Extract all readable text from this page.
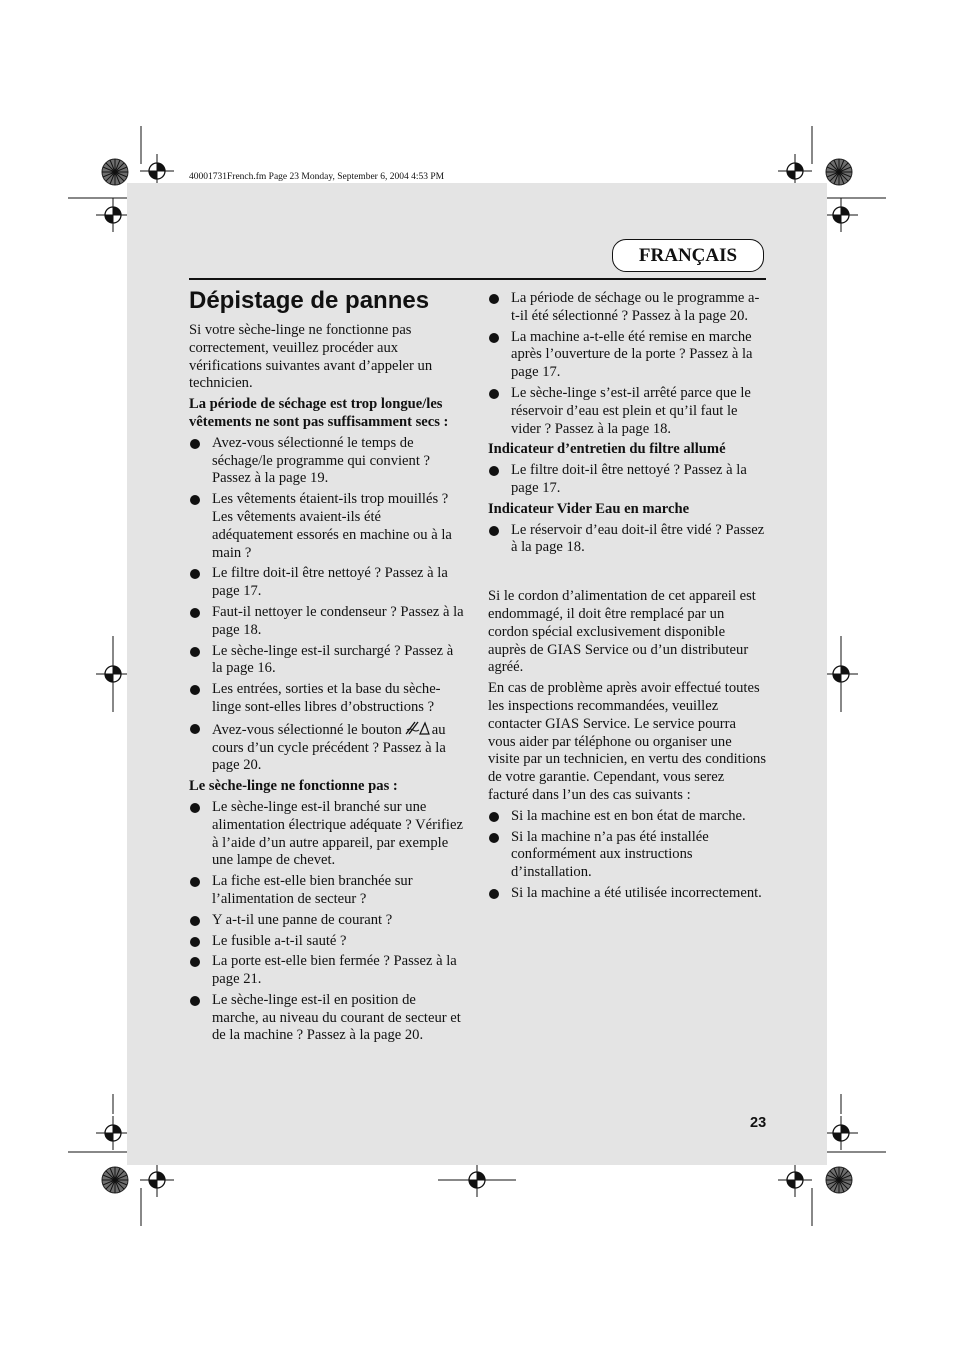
40001731French.fm Page 23 Monday, September 6, 2004 4:53 PM
FRANÇAIS
Dépistage de pannes

Si votre sèche-linge ne fonctionne pas correctement, veuillez procéder aux vérifications suivantes avant d’appeler un technicien.

La période de séchage est trop longue/les vêtements ne sont pas suffisamment secs :
Avez-vous sélectionné le temps de séchage/le programme qui convient ? Passez à la page 19.
Les vêtements étaient-ils trop mouillés ? Les vêtements avaient-ils été adéquatement essorés en machine ou à la main ?
Le filtre doit-il être nettoyé ? Passez à la page 17.
Faut-il nettoyer le condenseur ? Passez à la page 18.
Le sèche-linge est-il surchargé ? Passez à la page 16.
Les entrées, sorties et la base du sèche-linge sont-elles libres d’obstructions ?
Avez-vous sélectionné le bouton au cours d’un cycle précédent ? Passez à la page 20.
Le sèche-linge ne fonctionne pas :
Le sèche-linge est-il branché sur une alimentation électrique adéquate ? Vérifiez à l’aide d’un autre appareil, par exemple une lampe de chevet.
La fiche est-elle bien branchée sur l’alimentation de secteur ?
Y a-t-il une panne de courant ?
Le fusible a-t-il sauté ?
La porte est-elle bien fermée ? Passez à la page 21.
Le sèche-linge est-il en position de marche, au niveau du courant de secteur et de la machine ? Passez à la page 20.
La période de séchage ou le programme a-t-il été sélectionné ? Passez à la page 20.
La machine a-t-elle été remise en marche après l’ouverture de la porte ? Passez à la page 17.
Le sèche-linge s’est-il arrêté parce que le réservoir d’eau est plein et qu’il faut le vider ? Passez à la page 18.
Indicateur d’entretien du filtre allumé
Le filtre doit-il être nettoyé ? Passez à la page 17.
Indicateur Vider Eau en marche
Le réservoir d’eau doit-il être vidé ? Passez à la page 18.

Si le cordon d’alimentation de cet appareil est endommagé, il doit être remplacé par un cordon spécial exclusivement disponible auprès de GIAS Service ou d’un distributeur agréé.

En cas de problème après avoir effectué toutes les inspections recommandées, veuillez contacter GIAS Service. Le service pourra vous aider par téléphone ou organiser une visite par un technicien, en vertu des conditions de votre garantie. Cependant, vous serez facturé dans l’un des cas suivants :

Si la machine est en bon état de marche.
Si la machine n’a pas été installée conformément aux instructions d’installation.
Si la machine a été utilisée incorrectement.
23
